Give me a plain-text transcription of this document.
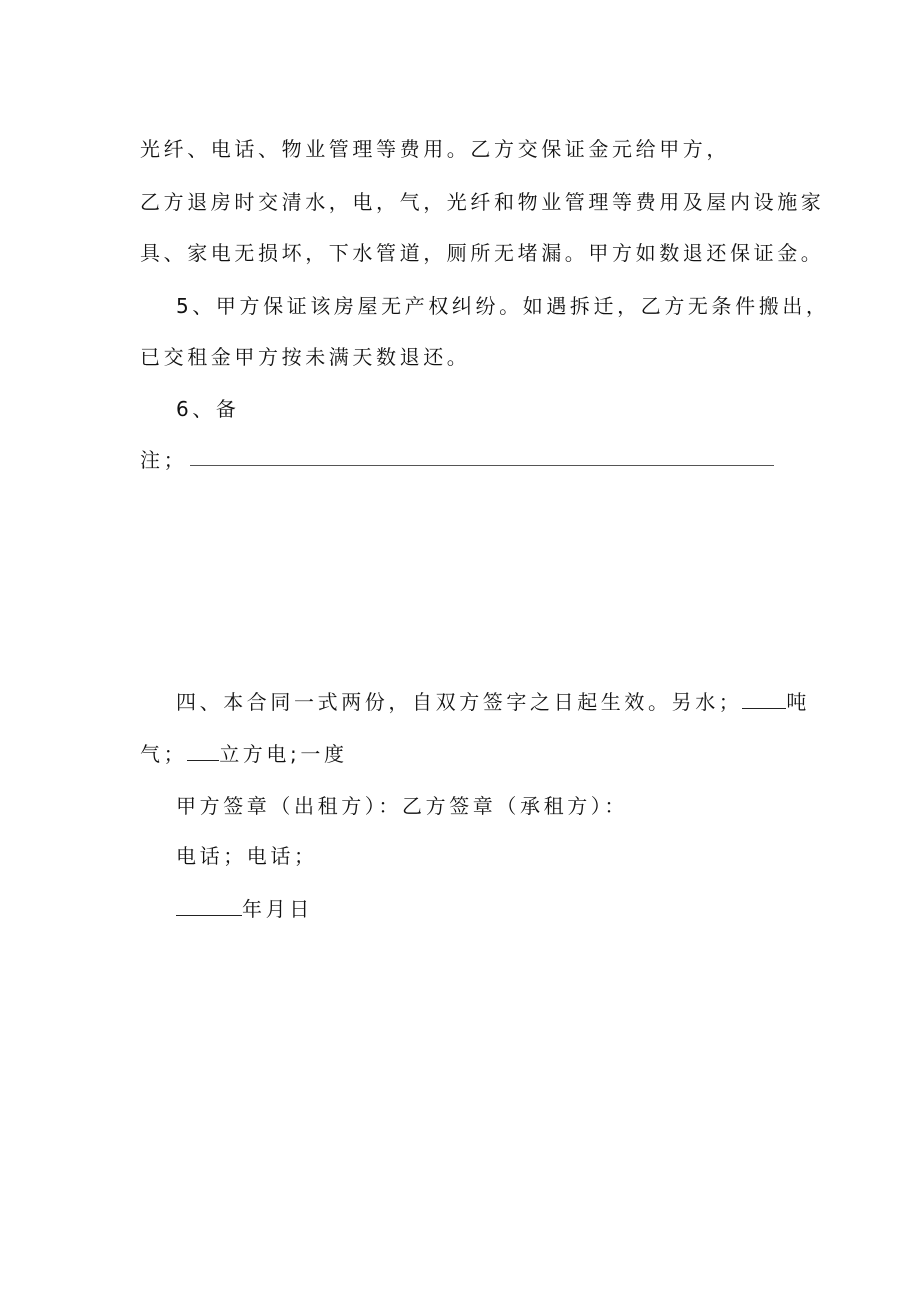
光纤、电话、物业管理等费用。乙方交保证金元给甲方，
乙方退房时交清水，电，气，光纤和物业管理等费用及屋内设施家
具、家电无损坏，下水管道，厕所无堵漏。甲方如数退还保证金。
5、甲方保证该房屋无产权纠纷。如遇拆迁，乙方无条件搬出，
已交租金甲方按未满天数退还。
6、备
注；
四、本合同一式两份，自双方签字之日起生效。另水； 吨
气； 立方电;一度
甲方签章（出租方）：乙方签章（承租方）：
电话；电话；
年月日
